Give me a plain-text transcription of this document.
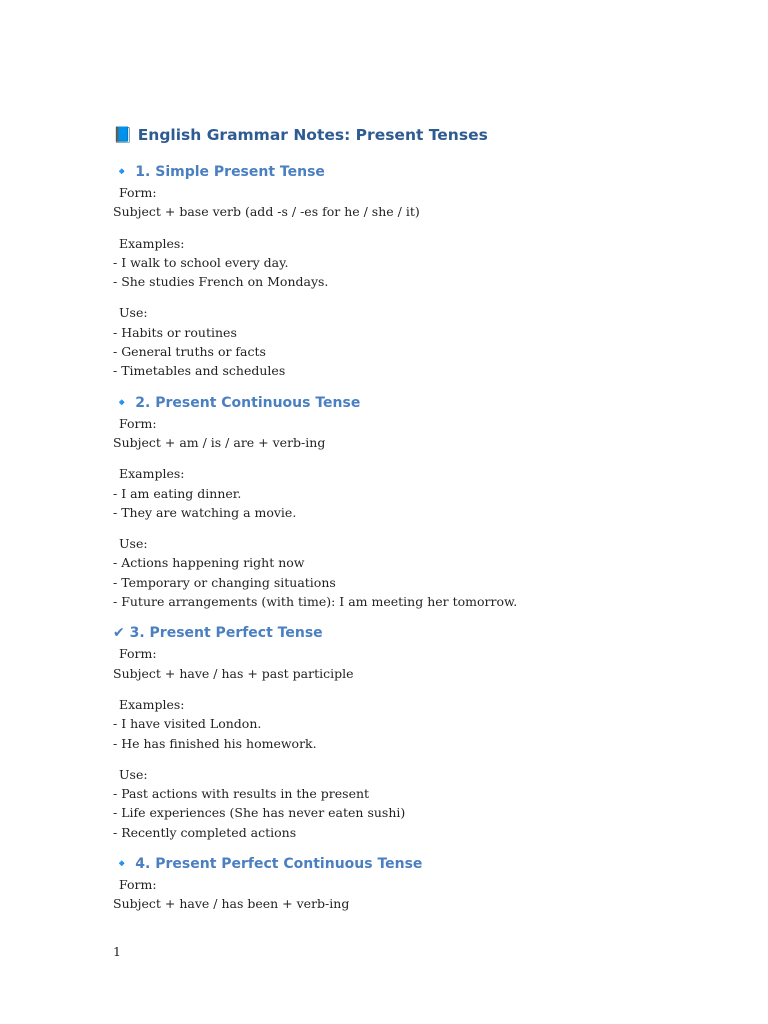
📘 English Grammar Notes: Present Tenses
🔹 1. Simple Present Tense
Form:
Subject + base verb (add -s / -es for he / she / it)
Examples:
- I walk to school every day.
- She studies French on Mondays.
Use:
- Habits or routines
- General truths or facts
- Timetables and schedules
🔹 2. Present Continuous Tense
Form:
Subject + am / is / are + verb-ing
Examples:
- I am eating dinner.
- They are watching a movie.
Use:
- Actions happening right now
- Temporary or changing situations
- Future arrangements (with time): I am meeting her tomorrow.
✔ 3. Present Perfect Tense
Form:
Subject + have / has + past participle
Examples:
- I have visited London.
- He has finished his homework.
Use:
- Past actions with results in the present
- Life experiences (She has never eaten sushi)
- Recently completed actions
🔹 4. Present Perfect Continuous Tense
Form:
Subject + have / has been + verb-ing
1
